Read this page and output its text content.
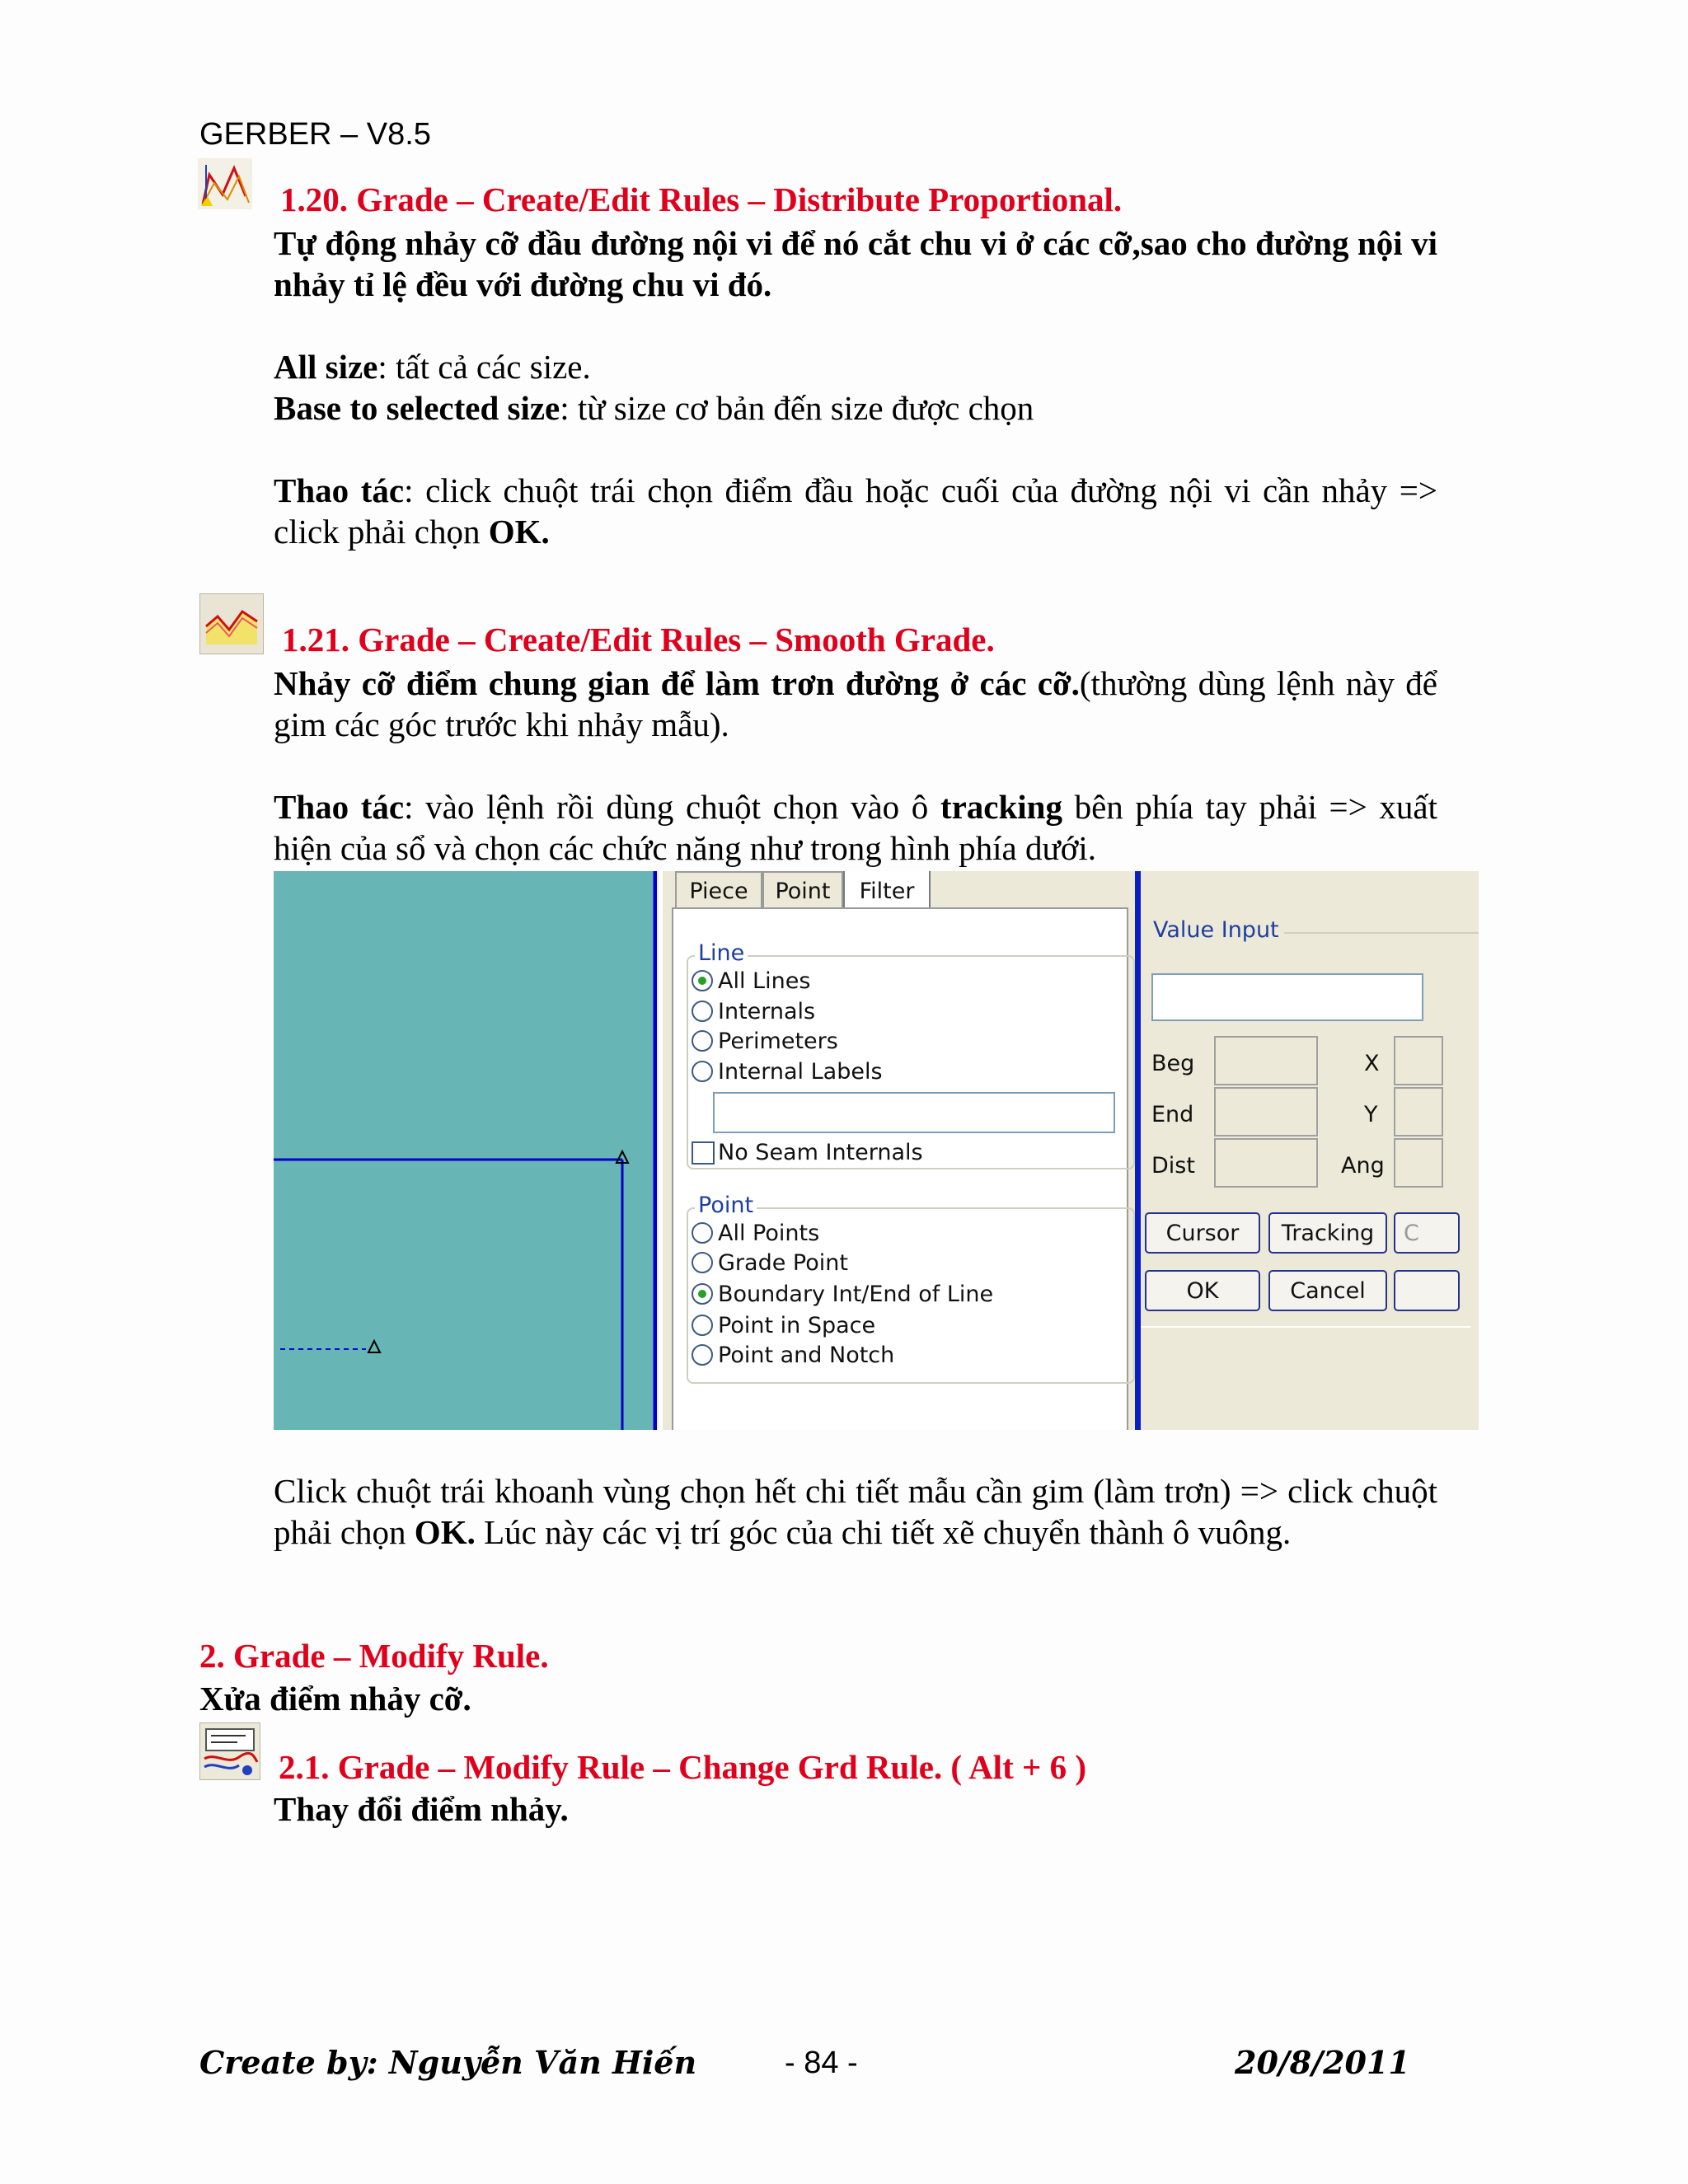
GERBER – V8.5
1.20. Grade – Create/Edit Rules – Distribute Proportional.
Tự động nhảy cỡ đầu đường nội vi để nó cắt chu vi ở các cỡ,sao cho đường nội vi nhảy tỉ lệ đều với đường chu vi đó.
All size: tất cả các size.
Base to selected size: từ size cơ bản đến size được chọn
Thao tác: click chuột trái chọn điểm đầu hoặc cuối của đường nội vi cần nhảy => click phải chọn OK.
1.21. Grade – Create/Edit Rules – Smooth Grade.
Nhảy cỡ điểm chung gian để làm trơn đường ở các cỡ.(thường dùng lệnh này để gim các góc trước khi nhảy mẫu).
Thao tác: vào lệnh rồi dùng chuột chọn vào ô tracking bên phía tay phải => xuất hiện của sổ và chọn các chức năng như trong hình phía dưới.
Piece Point Filter
Line
All Lines
Internals
Perimeters
Internal Labels
No Seam Internals
Point
All Points
Grade Point
Boundary Int/End of Line
Point in Space
Point and Notch
Value Input
Beg	X
End	Y
Dist	Ang
Cursor Tracking C
OK	Cancel
Click chuột trái khoanh vùng chọn hết chi tiết mẫu cần gim (làm trơn) => click chuột phải chọn OK. Lúc này các vị trí góc của chi tiết xẽ chuyển thành ô vuông.
2. Grade – Modify Rule.
Xửa điểm nhảy cỡ.
2.1. Grade – Modify Rule – Change Grd Rule. ( Alt + 6 )
Thay đổi điểm nhảy.
Create by: Nguyễn Văn Hiến	- 84 -	20/8/2011
